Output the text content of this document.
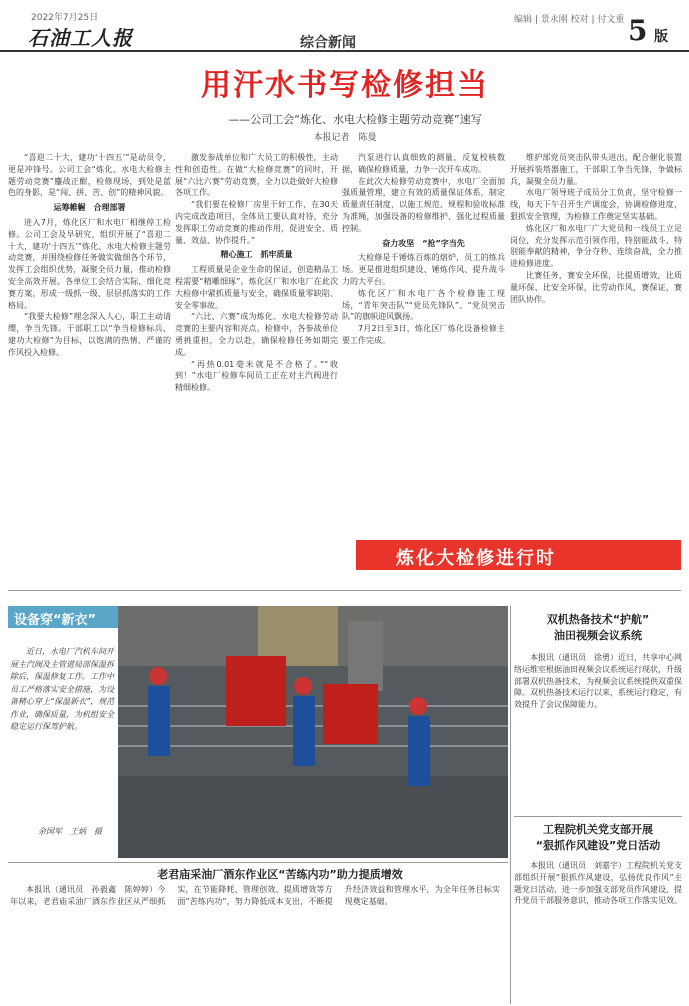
2022年7月25日
石油工人报	综合新闻
编辑 | 景永刚 校对 | 付文重 5 版
用汗水书写检修担当
——公司工会“炼化、水电大检修主题劳动竞赛”速写
本报记者　陈曼

“喜迎二十大，建功‘十四五’”是动员令，更是冲锋号。公司工会“炼化、水电大检修主题劳动竞赛”鏖战正酣，检修现场，到处是蓝色的身影，是“闯、拼、苦、创”的精神风貌。

运筹帷幄　合理部署

进入7月，炼化区厂和水电厂相继停工检修。公司工会及早研究，组织开展了“喜迎二十大，建功‘十四五’”炼化、水电大检修主题劳动竞赛，并围绕检修任务做实做细各个环节，发挥工会组织优势，凝聚全员力量，推动检修安全高效开展。各单位工会结合实际，细化竞赛方案，形成一级抓一级、层层抓落实的工作格局。

“我要大检修”理念深入人心，职工主动请缨，争当先锋。干部职工以“争当检修标兵，建功大检修”为目标，以饱满的热情、严谨的作风投入检修。

激发参战单位和广大员工的积极性，主动性和创造性。在做“大检修竞赛”的同时，开展“六比六赛”劳动竞赛，全力以赴做好大检修各项工作。

“我们要在检修厂房里干好工作，在30天内完成改造项目，全体员工要认真对待，充分发挥职工劳动竞赛的推动作用，促进安全、质量、效益、协作提升。”

精心施工　抓牢质量

工程质量是企业生命的保证，创造精品工程需要“精雕细琢”。炼化区厂和水电厂在此次大检修中紧抓质量与安全，确保质量零缺陷、安全零事故。

“六比、六赛”成为炼化、水电大检修劳动竞赛的主要内容和亮点。检修中，各参战单位勇挑重担，全力以赴，确保检修任务如期完成。

“再热0.01毫米就是不合格了。”“收到！”水电厂检修车间员工正在对主汽阀进行精细检修。

汽泵进行认真细致的测量，反复校核数据，确保检修质量，力争一次开车成功。

在此次大检修劳动竞赛中，水电厂全面加强质量管理，建立有效的质量保证体系，制定质量责任制度，以施工规范、规程和验收标准为准绳，加强设备的检修维护、强化过程质量控制。

奋力攻坚　“抢”字当先

大检修是千锤炼百炼的熔炉，员工的练兵场。更是推进组织建设、锤炼作风、提升战斗力的大平台。

炼化区厂和水电厂各个检修施工现场，“青年突击队”“党员先锋队”、“党员突击队”的旗帜迎风飘扬。

7月2日至3日，炼化区厂炼化设备检修主要工作完成。

维护部党员突击队带头进出，配合催化装置开展拆装塔器施工，干部职工争当先锋，争做标兵，凝聚全员力量。

水电厂领导班子成员分工负责，坚守检修一线，每天下午召开生产调度会，协调检修进度，狠抓安全管理，为检修工作奠定坚实基础。

炼化区厂和水电厂广大党员和一线员工立足岗位，充分发挥示范引领作用，特别能战斗、特别能奉献的精神，争分夺秒、连续奋战，全力推进检修进度。

比赛任务，赛安全环保，比提质增效，比质量环保、比安全环保，比劳动作风，赛保证，赛团队协作。

炼化大检修进行时
设备穿“新衣”

近日，水电厂汽机车间开展主汽阀及主管道局部保温拆除后，保温修复工作。工作中员工严格落实安全措施，为设备精心穿上“保温新衣”，规范作业，确保质量，为机组安全稳定运行保驾护航。

余国军　王炳　摄
老君庙采油厂酒东作业区“苦练内功”助力提质增效

本报讯（通讯员　孙毅鑫　陈婷婷）今年以来，老君庙采油厂酒东作业区从严细抓实，在节能降耗、管理创效、提质增效等方面“苦练内功”，努力降低成本支出，不断提升经济效益和管理水平，为全年任务目标实现奠定基础。

双机热备技术“护航”
油田视频会议系统

本报讯（通讯员　徐勇）近日，共享中心网络运维室根据油田视频会议系统运行现状，升级部署双机热备技术，为视频会议系统提供双重保障。双机热备技术运行以来，系统运行稳定，有效提升了会议保障能力。

工程院机关党支部开展
“狠抓作风建设”党日活动

本报讯（通讯员　刘嘉宇）工程院机关党支部组织开展“狠抓作风建设，弘扬优良作风”主题党日活动，进一步加强支部党员作风建设，提升党员干部服务意识，推动各项工作落实见效。
